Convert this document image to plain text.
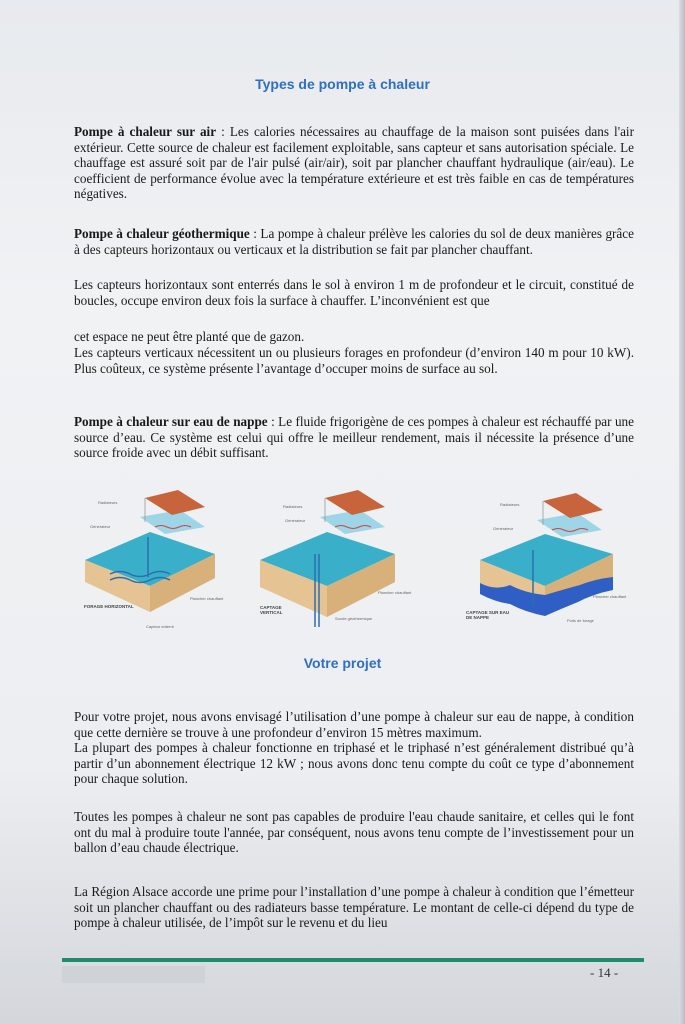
Types de pompe à chaleur

Pompe à chaleur sur air : Les calories nécessaires au chauffage de la maison sont puisées dans l'air extérieur. Cette source de chaleur est facilement exploitable, sans capteur et sans autorisation spéciale. Le chauffage est assuré soit par de l'air pulsé (air/air), soit par plancher chauffant hydraulique (air/eau). Le coefficient de performance évolue avec la température extérieure et est très faible en cas de températures négatives.

Pompe à chaleur géothermique : La pompe à chaleur prélève les calories du sol de deux manières grâce à des capteurs horizontaux ou verticaux et la distribution se fait par plancher chauffant.

Les capteurs horizontaux sont enterrés dans le sol à environ 1 m de profondeur et le circuit, constitué de boucles, occupe environ deux fois la surface à chauffer. L’inconvénient est que

cet espace ne peut être planté que de gazon.

Les capteurs verticaux nécessitent un ou plusieurs forages en profondeur (d’environ 140 m pour 10 kW). Plus coûteux, ce système présente l’avantage d’occuper moins de surface au sol.

Pompe à chaleur sur eau de nappe : Le fluide frigorigène de ces pompes à chaleur est réchauffé par une source d’eau. Ce système est celui qui offre le meilleur rendement, mais il nécessite la présence d’une source froide avec un débit suffisant.

Radiateurs
Générateur
Plancher chauffant
Capteur enterré
FORAGE HORIZONTAL
Radiateurs
Générateur
Plancher chauffant
Sonde géothermique
CAPTAGE VERTICAL
Radiateurs
Générateur
Plancher chauffant
Puits de forage
CAPTAGE SUR EAU DE NAPPE
Votre projet

Pour votre projet, nous avons envisagé l’utilisation d’une pompe à chaleur sur eau de nappe, à condition que cette dernière se trouve à une profondeur d’environ 15 mètres maximum.

La plupart des pompes à chaleur fonctionne en triphasé et le triphasé n’est généralement distribué qu’à partir d’un abonnement électrique 12 kW ; nous avons donc tenu compte du coût ce type d’abonnement pour chaque solution.

Toutes les pompes à chaleur ne sont pas capables de produire l'eau chaude sanitaire, et celles qui le font ont du mal à produire toute l'année, par conséquent, nous avons tenu compte de l’investissement pour un ballon d’eau chaude électrique.

La Région Alsace accorde une prime pour l’installation d’une pompe à chaleur à condition que l’émetteur soit un plancher chauffant ou des radiateurs basse température. Le montant de celle-ci dépend du type de pompe à chaleur utilisée, de l’impôt sur le revenu et du lieu

- 14 -
